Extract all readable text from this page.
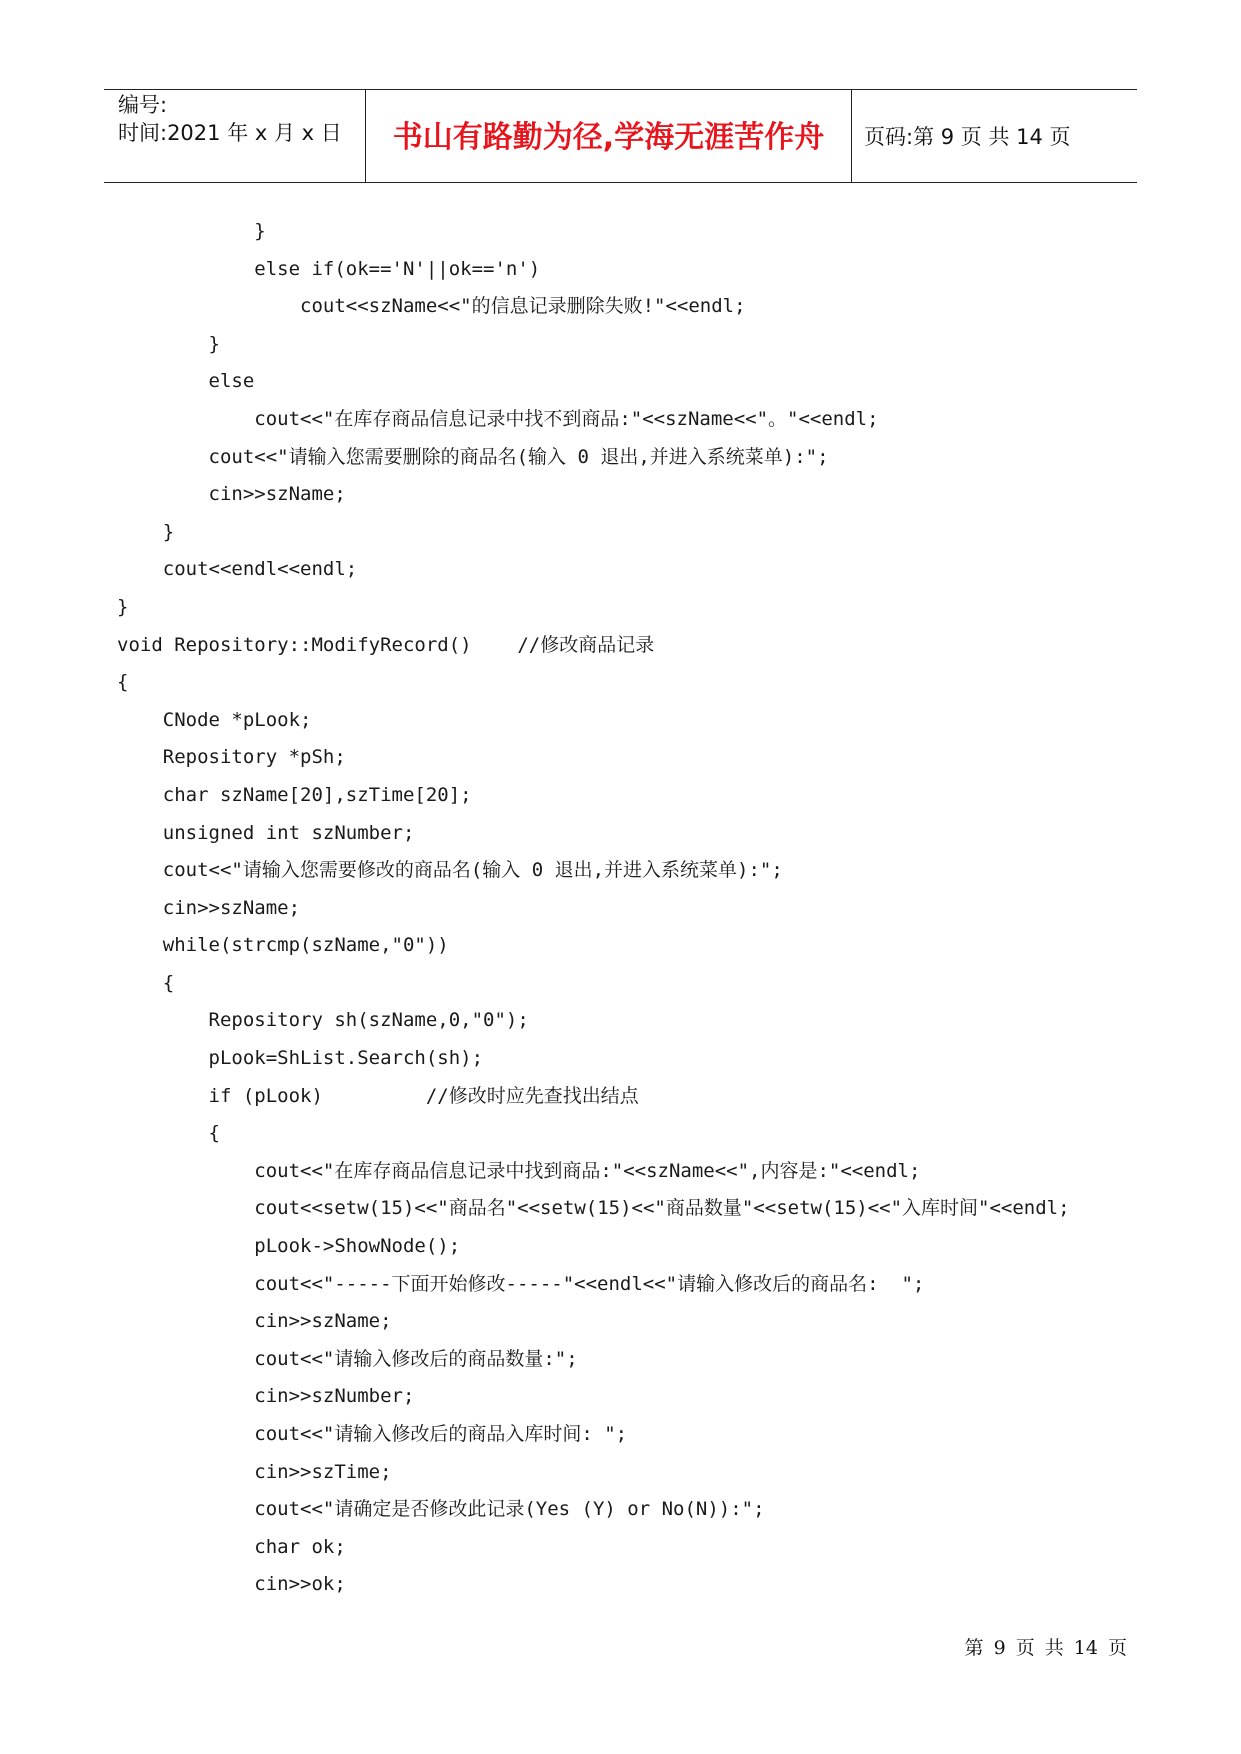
编号:
时间:2021 年 x 月 x 日	书山有路勤为径,学海无涯苦作舟	页码:第 9 页 共 14 页
}
else if(ok=='N'||ok=='n')
cout<<szName<<"的信息记录删除失败!"<<endl;
}
else
cout<<"在库存商品信息记录中找不到商品:"<<szName<<"。"<<endl;
cout<<"请输入您需要删除的商品名(输入 0 退出,并进入系统菜单):";
cin>>szName;
}
cout<<endl<<endl;
}
void Repository::ModifyRecord()    //修改商品记录
{
CNode *pLook;
Repository *pSh;
char szName[20],szTime[20];
unsigned int szNumber;
cout<<"请输入您需要修改的商品名(输入 0 退出,并进入系统菜单):";
cin>>szName;
while(strcmp(szName,"0"))
{
Repository sh(szName,0,"0");
pLook=ShList.Search(sh);
if (pLook)         //修改时应先查找出结点
{
cout<<"在库存商品信息记录中找到商品:"<<szName<<",内容是:"<<endl;
cout<<setw(15)<<"商品名"<<setw(15)<<"商品数量"<<setw(15)<<"入库时间"<<endl;
pLook->ShowNode();
cout<<"-----下面开始修改-----"<<endl<<"请输入修改后的商品名:  ";
cin>>szName;
cout<<"请输入修改后的商品数量:";
cin>>szNumber;
cout<<"请输入修改后的商品入库时间: ";
cin>>szTime;
cout<<"请确定是否修改此记录(Yes (Y) or No(N)):";
char ok;
cin>>ok;
第 9 页 共 14 页
